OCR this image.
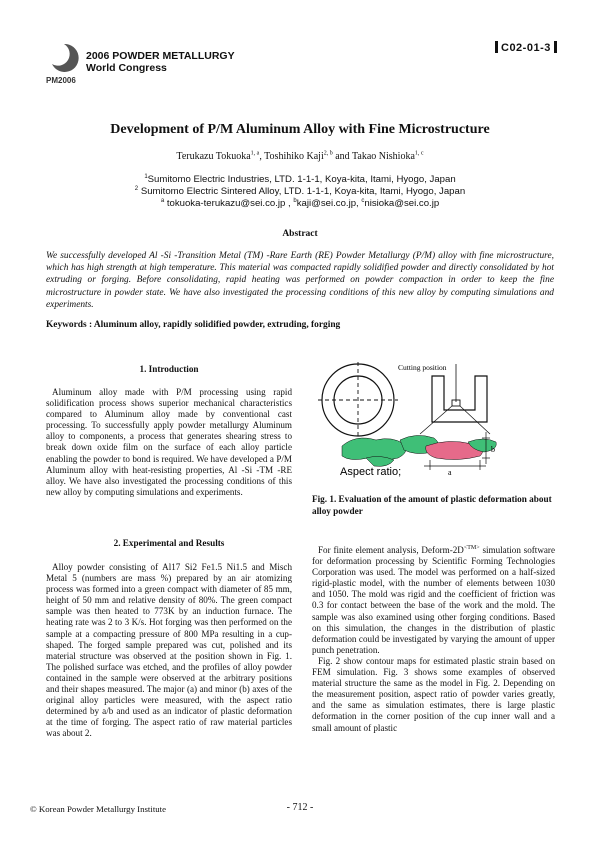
PM2006
2006 POWDER METALLURGY
World Congress
C02-01-3
Development of P/M Aluminum Alloy with Fine Microstructure
Terukazu Tokuoka$^{1, a}$, Toshihiko Kaji$^{2, b}$ and Takao Nishioka$^{1, c}$
$^1$Sumitomo Electric Industries, LTD. 1-1-1, Koya-kita, Itami, Hyogo, Japan
$^2$ Sumitomo Electric Sintered Alloy, LTD. 1-1-1, Koya-kita, Itami, Hyogo, Japan
$^a$ tokuoka-terukazu@sei.co.jp , $^b$kaji@sei.co.jp, $^c$nisioka@sei.co.jp
Abstract
We successfully developed Al -Si -Transition Metal (TM) -Rare Earth (RE) Powder Metallurgy (P/M) alloy with fine microstructure, which has high strength at high temperature. This material was compacted rapidly solidified powder and directly consolidated by hot extruding or forging. Before consolidating, rapid heating was performed on powder compaction in order to keep the fine microstructure in powder state. We have also investigated the processing conditions of this new alloy by computing simulations and experiments.
Keywords : Aluminum alloy, rapidly solidified powder, extruding, forging
1. Introduction

Aluminum alloy made with P/M processing using rapid solidification process shows superior mechanical characteristics compared to Aluminum alloy made by conventional cast processing. To successfully apply powder metallurgy Aluminum alloy to components, a process that generates shearing stress to break down oxide film on the surface of each alloy particle enabling the powder to bond is required. We have developed a P/M Aluminum alloy with heat-resisting properties, Al -Si -TM -RE alloy. We have also investigated the processing conditions of this new alloy by computing simulations and experiments.

2. Experimental and Results

Alloy powder consisting of Al17 Si2 Fe1.5 Ni1.5 and Misch Metal 5 (numbers are mass %) prepared by an air atomizing process was formed into a green compact with diameter of 85 mm, height of 50 mm and relative density of 80%. The green compact sample was then heated to 773K by an induction furnace. The heating rate was 2 to 3 K/s. Hot forging was then performed on the sample at a compacting pressure of 800 MPa resulting in a cup-shaped. The forged sample prepared was cut, polished and its material structure was observed at the position shown in Fig. 1. The polished surface was etched, and the profiles of alloy powder contained in the sample were observed at the arbitrary positions and their shapes measured. The major (a) and minor (b) axes of the original alloy particles were measured, with the aspect ratio determined by a/b and used as an indicator of plastic deformation at the time of forging. The aspect ratio of raw material particles was about 2.

Cutting position
b
a
Aspect ratio;
Fig. 1. Evaluation of the amount of plastic deformation about alloy powder

For finite element analysis, Deform-$2D^{<TM>}$ simulation software for deformation processing by Scientific Forming Technologies Corporation was used. The model was performed on a half-sized rigid-plastic model, with the number of elements between 1030 and 1050. The mold was rigid and the coefficient of friction was 0.3 for contact between the base of the work and the mold. The sample was also examined using other forging conditions. Based on this simulation, the changes in the distribution of plastic deformation could be investigated by varying the amount of upper punch penetration.

Fig. 2 show contour maps for estimated plastic strain based on FEM simulation. Fig. 3 shows some examples of observed material structure the same as the model in Fig. 2. Depending on the measurement position, aspect ratio of powder varies greatly, and the same as simulation estimates, there is large plastic deformation in the corner position of the cup inner wall and a small amount of plastic

© Korean Powder Metallurgy Institute	- 712 -
